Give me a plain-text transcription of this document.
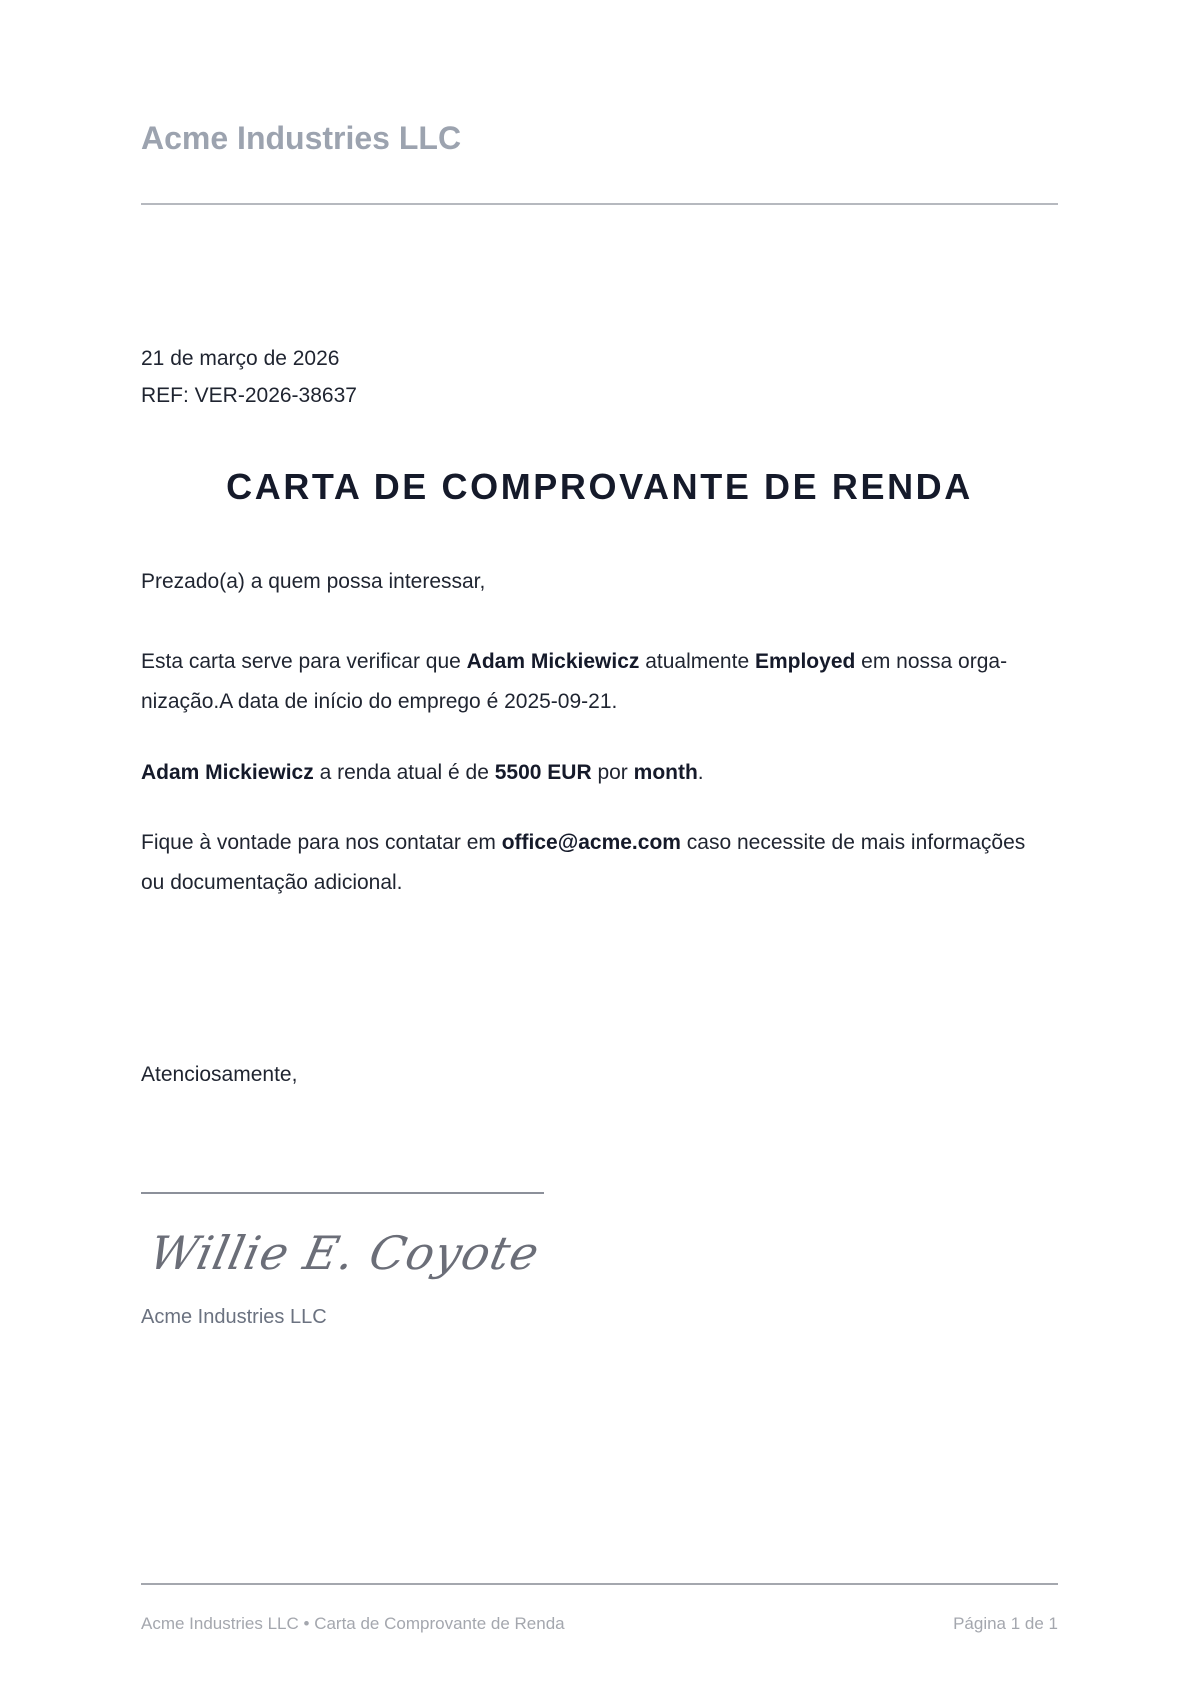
Acme Industries LLC
21 de março de 2026
REF: VER-2026-38637
CARTA DE COMPROVANTE DE RENDA
Prezado(a) a quem possa interessar,
Esta carta serve para verificar que Adam Mickiewicz atualmente Employed em nossa orga-
nização.A data de início do emprego é 2025-09-21.
Adam Mickiewicz a renda atual é de 5500 EUR por month.
Fique à vontade para nos contatar em office@acme.com caso necessite de mais informações
ou documentação adicional.
Atenciosamente,
Willie E. Coyote
Acme Industries LLC
Acme Industries LLC • Carta de Comprovante de Renda	Página 1 de 1
